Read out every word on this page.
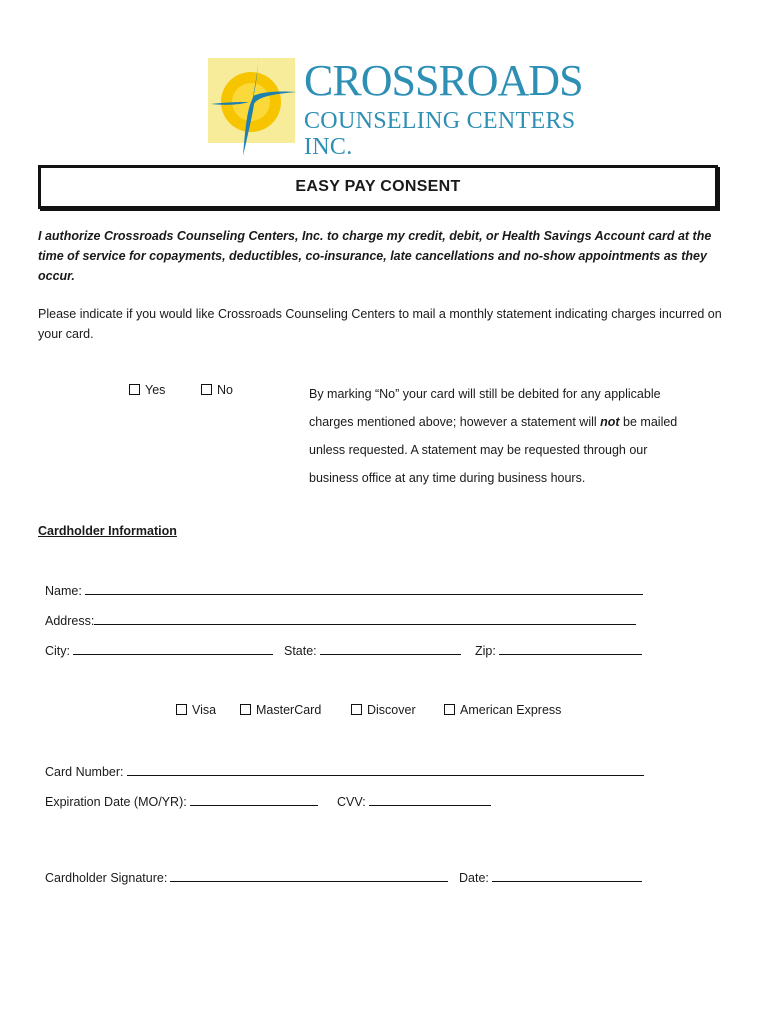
CROSSROADS
COUNSELING CENTERS INC.
EASY PAY CONSENT
I authorize Crossroads Counseling Centers, Inc. to charge my credit, debit, or Health Savings Account card at the time of service for copayments, deductibles, co-insurance, late cancellations and no-show appointments as they occur.
Please indicate if you would like Crossroads Counseling Centers to mail a monthly statement indicating charges incurred on your card.
Yes	No	By marking “No” your card will still be debited for any applicable charges mentioned above; however a statement will not be mailed unless requested. A statement may be requested through our business office at any time during business hours.
Cardholder Information
Name:
Address:
City:	State:	Zip:
Visa	MasterCard	Discover	American Express
Card Number:
Expiration Date (MO/YR):	CVV:
Cardholder Signature:	Date:
